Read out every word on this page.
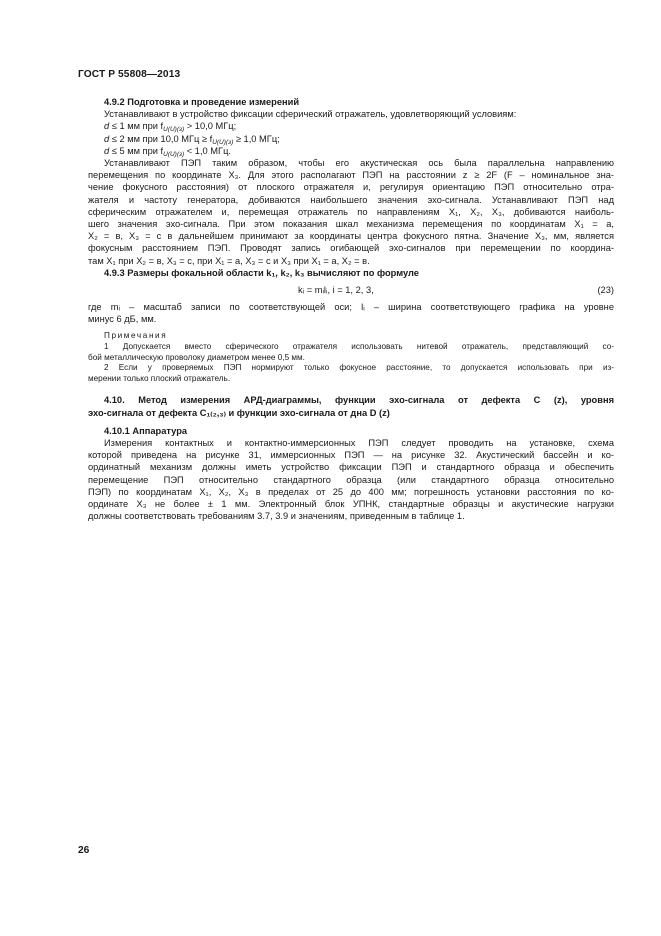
ГОСТ Р 55808—2013
4.9.2 Подготовка и проведение измерений
Устанавливают в устройство фиксации сферический отражатель, удовлетворяющий условиям:
d ≤ 1 мм при $f_{U(U)(з)} > 10,0$ МГц;
d ≤ 2 мм при 10,0 МГц ≥ $f_{U(U)(з)} \ge 1,0$ МГц;
d ≤ 5 мм при $f_{U(U)(з)} < 1,0$ МГц.
Устанавливают ПЭП таким образом, чтобы его акустическая ось была параллельна направлению
перемещения по координате X₃. Для этого располагают ПЭП на расстоянии z ≥ 2F (F – номинальное зна-
чение фокусного расстояния) от плоского отражателя и, регулируя ориентацию ПЭП относительно отра-
жателя и частоту генератора, добиваются наибольшего значения эхо-сигнала. Устанавливают ПЭП над
сферическим отражателем и, перемещая отражатель по направлениям X₁, X₂, X₃, добиваются наиболь-
шего значения эхо-сигнала. При этом показания шкал механизма перемещения по координатам X₁ = a,
X₂ = в, X₃ = c в дальнейшем принимают за координаты центра фокусного пятна. Значение X₃, мм, является
фокусным расстоянием ПЭП. Проводят запись огибающей эхо-сигналов при перемещении по координа-
там X₁ при X₂ = в, X₃ = c, при X₁ = a, X₃ = c и X₃ при X₁ = a, X₂ = в.
4.9.3 Размеры фокальной области k₁, k₂, k₃ вычисляют по формуле
kᵢ = mᵢlᵢ, i = 1, 2, 3,	(23)
где mᵢ – масштаб записи по соответствующей оси; lᵢ – ширина соответствующего графика на уровне
минус 6 дБ, мм.
Примечания
1 Допускается вместо сферического отражателя использовать нитевой отражатель, представляющий со-
бой металлическую проволоку диаметром менее 0,5 мм.
2 Если у проверяемых ПЭП нормируют только фокусное расстояние, то допускается использовать при из-
мерении только плоский отражатель.
4.10. Метод измерения АРД-диаграммы, функции эхо-сигнала от дефекта C (z), уровня
эхо-сигнала от дефекта C₁₍₂,₃₎ и функции эхо-сигнала от дна D (z)
4.10.1 Аппаратура
Измерения контактных и контактно-иммерсионных ПЭП следует проводить на установке, схема
которой приведена на рисунке 31, иммерсионных ПЭП — на рисунке 32. Акустический бассейн и ко-
ординатный механизм должны иметь устройство фиксации ПЭП и стандартного образца и обеспечить
перемещение ПЭП относительно стандартного образца (или стандартного образца относительно
ПЭП) по координатам X₁, X₂, X₃ в пределах от 25 до 400 мм; погрешность установки расстояния по ко-
ординате X₃ не более ± 1 мм. Электронный блок УПНК, стандартные образцы и акустические нагрузки
должны соответствовать требованиям 3.7, 3.9 и значениям, приведенным в таблице 1.
26
